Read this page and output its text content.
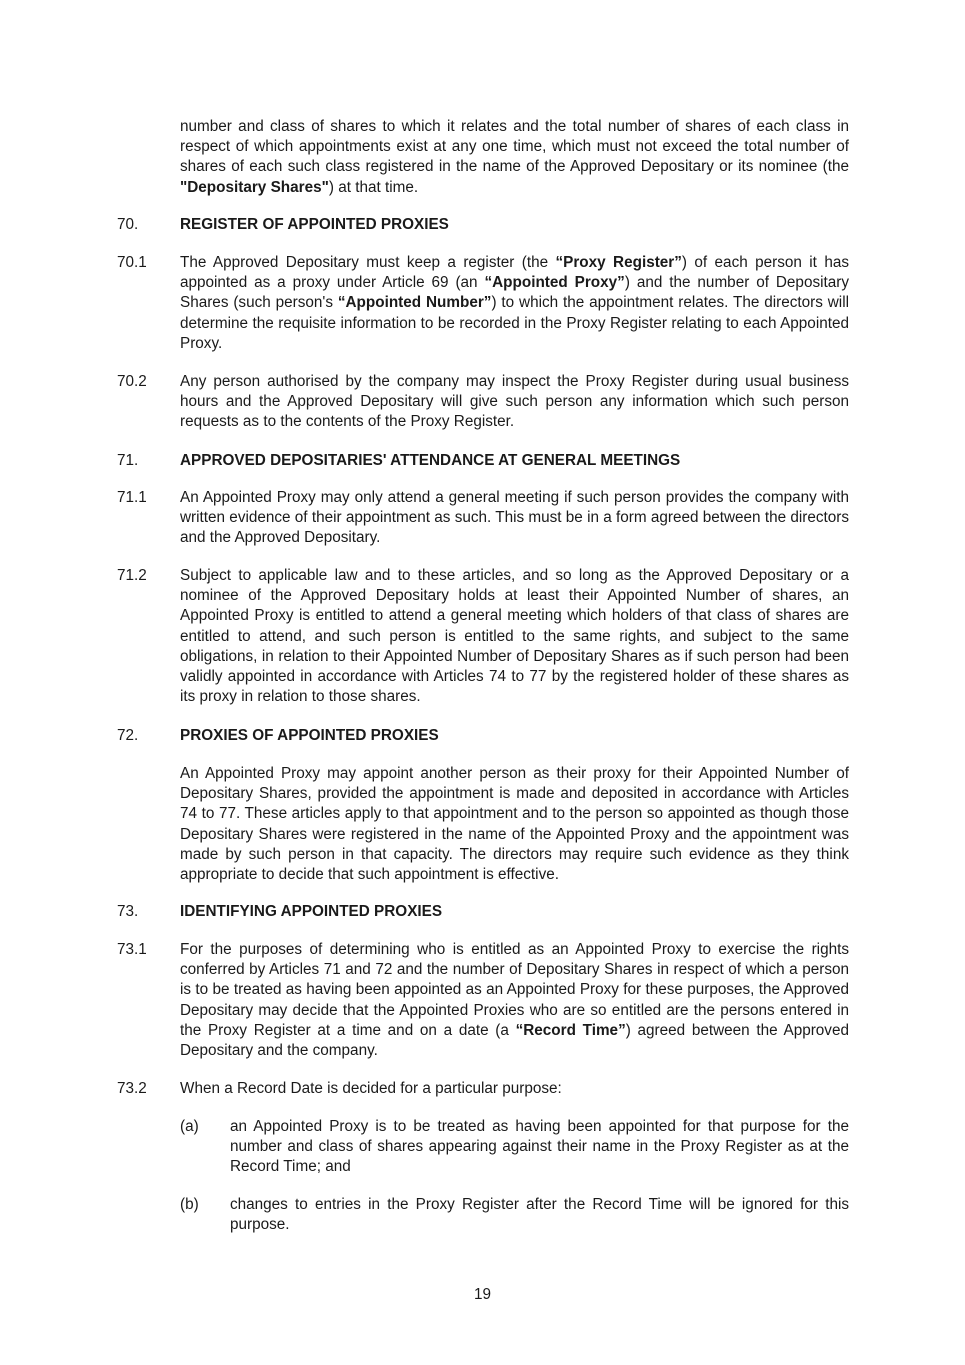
number and class of shares to which it relates and the total number of shares of each class in respect of which appointments exist at any one time, which must not exceed the total number of shares of each such class registered in the name of the Approved Depositary or its nominee (the "Depositary Shares") at that time.
70.	REGISTER OF APPOINTED PROXIES
70.1 The Approved Depositary must keep a register (the “Proxy Register”) of each person it has appointed as a proxy under Article 69 (an “Appointed Proxy”) and the number of Depositary Shares (such person's “Appointed Number”) to which the appointment relates. The directors will determine the requisite information to be recorded in the Proxy Register relating to each Appointed Proxy.
70.2 Any person authorised by the company may inspect the Proxy Register during usual business hours and the Approved Depositary will give such person any information which such person requests as to the contents of the Proxy Register.
71.	APPROVED DEPOSITARIES' ATTENDANCE AT GENERAL MEETINGS
71.1 An Appointed Proxy may only attend a general meeting if such person provides the company with written evidence of their appointment as such. This must be in a form agreed between the directors and the Approved Depositary.
71.2 Subject to applicable law and to these articles, and so long as the Approved Depositary or a nominee of the Approved Depositary holds at least their Appointed Number of shares, an Appointed Proxy is entitled to attend a general meeting which holders of that class of shares are entitled to attend, and such person is entitled to the same rights, and subject to the same obligations, in relation to their Appointed Number of Depositary Shares as if such person had been validly appointed in accordance with Articles 74 to 77 by the registered holder of these shares as its proxy in relation to those shares.
72.	PROXIES OF APPOINTED PROXIES
An Appointed Proxy may appoint another person as their proxy for their Appointed Number of Depositary Shares, provided the appointment is made and deposited in accordance with Articles 74 to 77. These articles apply to that appointment and to the person so appointed as though those Depositary Shares were registered in the name of the Appointed Proxy and the appointment was made by such person in that capacity. The directors may require such evidence as they think appropriate to decide that such appointment is effective.
73.	IDENTIFYING APPOINTED PROXIES
73.1 For the purposes of determining who is entitled as an Appointed Proxy to exercise the rights conferred by Articles 71 and 72 and the number of Depositary Shares in respect of which a person is to be treated as having been appointed as an Appointed Proxy for these purposes, the Approved Depositary may decide that the Appointed Proxies who are so entitled are the persons entered in the Proxy Register at a time and on a date (a “Record Time”) agreed between the Approved Depositary and the company.
73.2 When a Record Date is decided for a particular purpose:
(a) an Appointed Proxy is to be treated as having been appointed for that purpose for the number and class of shares appearing against their name in the Proxy Register as at the Record Time; and
(b) changes to entries in the Proxy Register after the Record Time will be ignored for this purpose.
19
